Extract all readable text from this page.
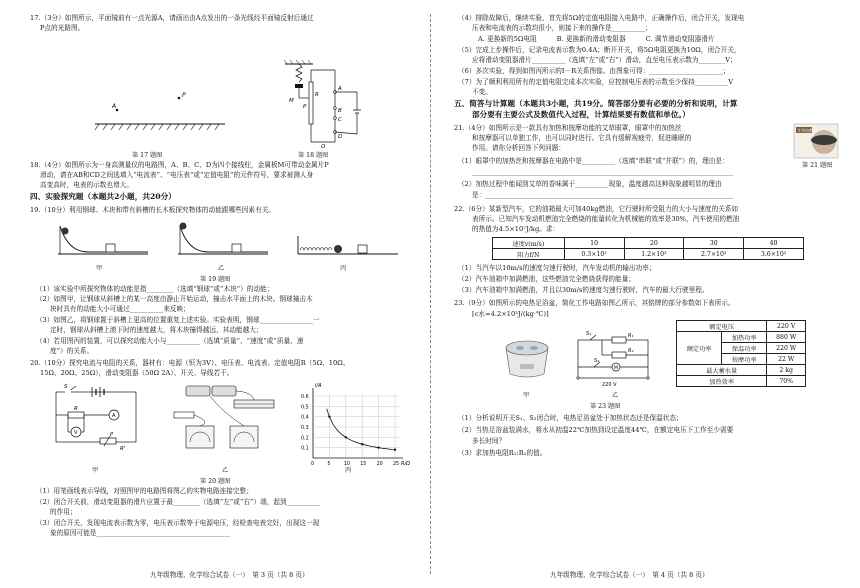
17.（3分）如图所示，平面镜前有一点光源A，请画出由A点发出的一条光线经平面镜反射后通过
P点的光路图。
A
P
第 17 题图
M
R
A
B
C
D
P
O
第 18 题图
18.（4分）如图所示为一身高测量仪的电路图，A、B、C、D为四个接线柱，金属板M可带动金属片P
滑动，请在AB和CD之间选填入“电流表”、“电压表”或“定值电阻”的元件符号，要求被测人身
高变高时，电表的示数也增大。
四、实验探究题（本题共2小题，共20分）
19.（10分）利用钢球、木块和带有斜槽的长木板探究物体的动能跟哪些因素有关。
甲	乙	丙
第 19 题图
（1）该实验中所探究物体的动能是指________（选填“钢球”或“木块”）的动能；
（2）如图甲，让钢球从斜槽上的某一高度由静止开始运动，撞击水平面上的木块。钢球撞击木
块时具有的动能大小可通过__________来反映；
（3）如图乙，将钢球置于斜槽上更高的位置重复上述实验。实验表明，钢球________________一
定时，钢球从斜槽上滚下时的速度越大，将木块撞得越远，其动能越大；
（4）若用图丙的装置，可以探究动能大小与__________（选填“质量”、“速度”或“质量、速
度”）的关系。
20.（10分）探究电流与电阻的关系，器材有：电源（恒为3V）、电压表、电流表、定值电阻R（5Ω、10Ω、
15Ω、20Ω、25Ω），滑动变阻器（50Ω 2A）、开关、导线若干。
S
R
A
V
R'
P
0	5	10 15 20 25
0.1
0.2
0.3
0.4
0.5
0.6
I/A
R/Ω
甲	乙	丙
第 20 题图
（1）用笔画线表示导线，对照图甲的电路图将图乙的实物电路连接完整；
（2）闭合开关前，滑动变阻器的滑片应置于最________（选填“左”或“右”）端，起到__________
的作用；
（3）闭合开关，发现电流表示数为零，电压表示数等于电源电压，经检查电表完好，出现这一现
象的原因可能是________________________________________
九年级物理、化学综合试卷（一）　第 3 页（共 8 页）
（4）排除故障后，继续实验，首先将5Ω的定值电阻接入电路中，正确操作后，闭合开关，发现电
压表和电流表的示数均很小，则接下来的操作是__________；
A. 更换新的5Ω电阻　　　B. 更换新的滑动变阻器　　　C. 调节滑动变阻器滑片
（5）完成上步操作后，记录电流表示数为0.4A；断开开关，将5Ω电阻更换为10Ω，闭合开关，
应将滑动变阻器滑片__________（选填“左”或“右”）滑动，直至电压表示数为________V；
（6）多次实验，得到如图丙所示的I－R关系图像。由图象可得：______________________；
（7）为了顺利利用所有的定值电阻完成本次实验，应控制电压表的示数至少保持__________V
不变。
五、简答与计算题（本题共3小题，共19分。简答部分要有必要的分析和说明，计算
部分要有主要公式及数值代入过程，计算结果要有数值和单位。）
21.（4分）如图所示是一款具有加热和按摩功能的艾草眼罩，眼罩中的加热丝
和按摩器可以单独工作，也可以同时进行。它具有缓解视疲劳，促进睡眠的
作用。请你分析回答下列问题：
艾草热敷
第 21 题图
（1）眼罩中的加热丝和按摩器在电路中是__________（选填“串联”或“并联”）的，理由是：
______________________________________________________________________________
（2）加热过程中能闻到艾草的香味属于__________现象，温度越高这种现象越明显的理由
是：__________________________________________________________________________
22.（6分）某新型汽车，它的油箱最大可加40kg燃油，它行驶时所受阻力的大小与速度的关系如
表所示。已知汽车发动机燃油完全燃烧的能量转化为机械能的效率是30%，汽车使用的燃油
的热值为4.5×10⁷J/kg。求：
速度v(m/s)	10	20	30	40
阻力f/N	0.3×10³	1.2×10³	2.7×10³	3.6×10³
（1）当汽车以10m/s的速度匀速行驶时，汽车发动机的输出功率；
（2）汽车油箱中加满燃油，这些燃油完全燃烧获得的能量；
（3）汽车油箱中加满燃油，并且以30m/s的速度匀速行驶时，汽车的最大行驶里程。
23.（9分）如图所示的电热足浴盆，简化工作电路如图乙所示，其铭牌的部分参数如下表所示。
[c水=4.2×10³J/(kg·℃)]
S₁	R₁
R₂
S₂
M
220 V
额定电压		220 V
额定功率	加热功率	880 W
	保温功率	220 W
	按摩功率	22 W
最大蓄水量		2 kg
加热效率		70%
甲	乙
第 23 题图
（1）分析说明开关S₁、S₂闭合时，电热足浴盆处于加热状态还是保温状态；
（2）当热足浴盆装满水，将水从初温22℃加热到设定温度44℃，在额定电压下工作至少需要
多长时间？
（3）求加热电阻R₁:R₂的值。
九年级物理、化学综合试卷（一）　第 4 页（共 8 页）
